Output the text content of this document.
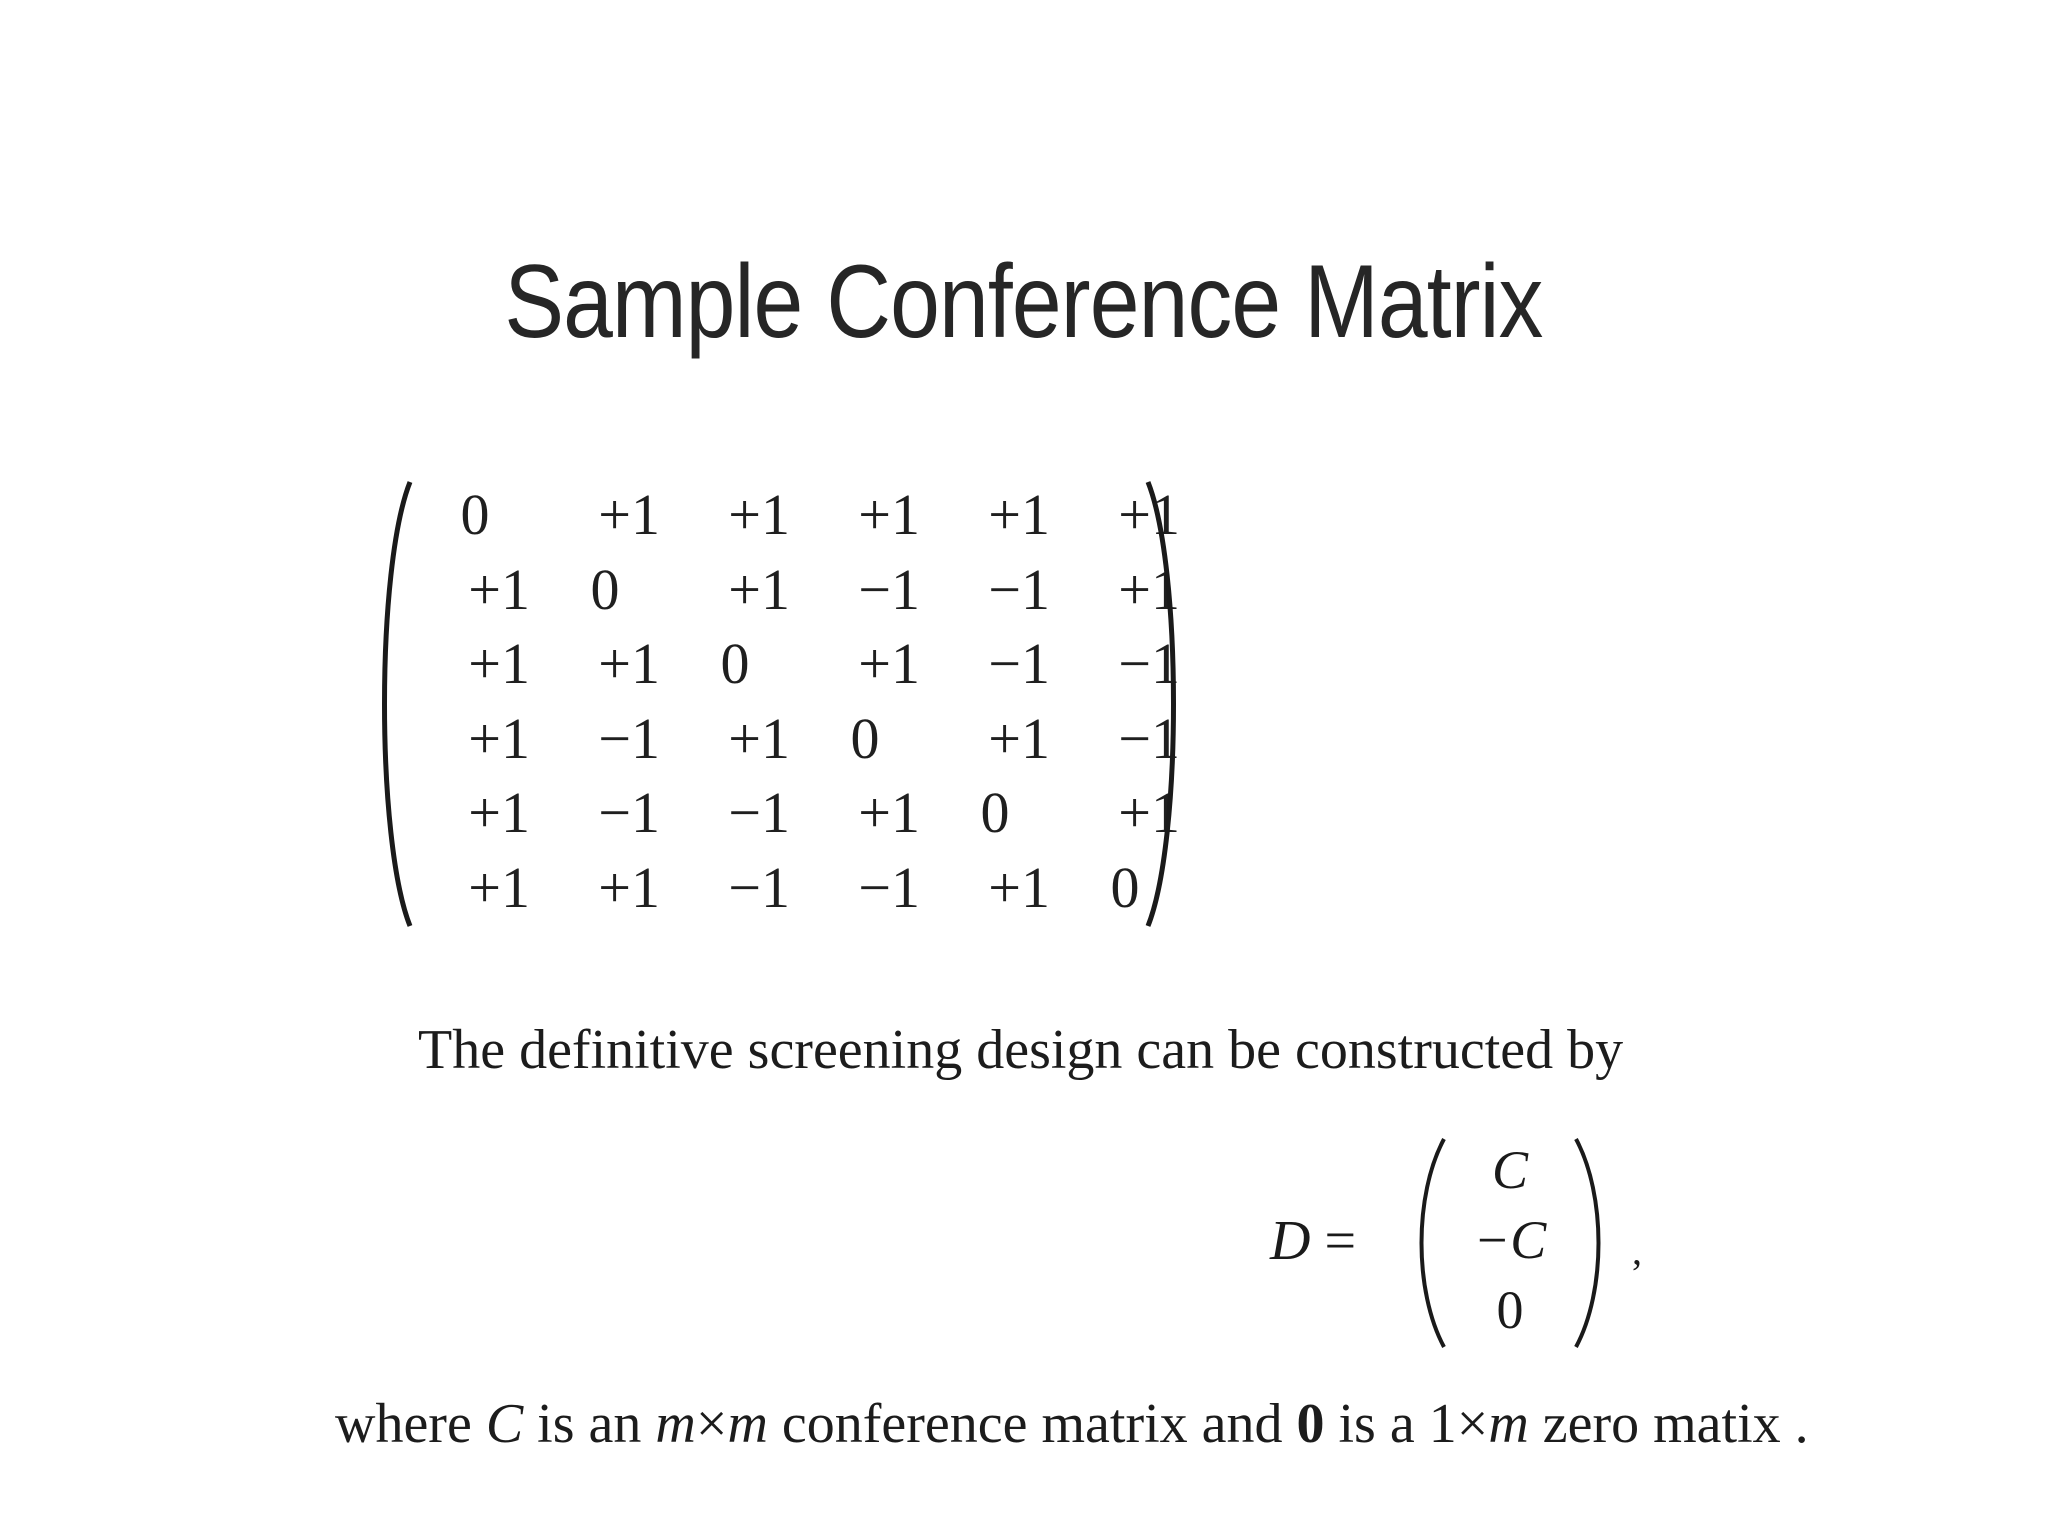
Sample Conference Matrix
0	+1	+1	+1	+1	+1
+1	0	+1	−1	−1	+1
+1	+1	0	+1	−1	−1
+1	−1	+1	0	+1	−1
+1	−1	−1	+1	0	+1
+1	+1	−1	−1	+1	0
The definitive screening design can be constructed by
D =
C
−C
0
,
where C is an m×m conference matrix and 0 is a 1×m zero matix .
